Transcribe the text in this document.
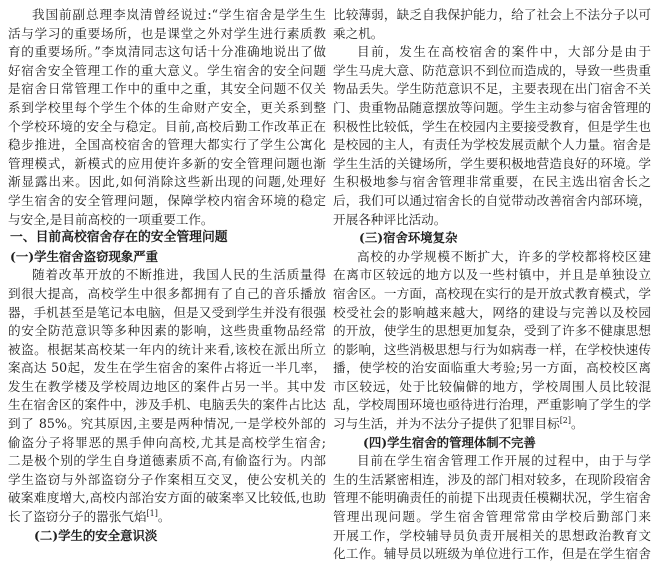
我国前副总理李岚清曾经说过:“学生宿舍是学生生
活与学习的重要场所，也是课堂之外对学生进行素质教
育的重要场所。”李岚清同志这句话十分准确地说出了做
好宿舍安全管理工作的重大意义。学生宿舍的安全问题
是宿舍日常管理工作中的重中之重，其安全问题不仅关
系到学校里每个学生个体的生命财产安全，更关系到整
个学校环境的安全与稳定。目前,高校后勤工作改革正在
稳步推进，全国高校宿舍的管理大都实行了学生公寓化
管理模式，新模式的应用使许多新的安全管理问题也渐
渐显露出来。因此,如何消除这些新出现的问题,处理好
学生宿舍的安全管理问题，保障学校内宿舍环境的稳定
与安全,是目前高校的一项重要工作。
一、目前高校宿舍存在的安全管理问题
(一)学生宿舍盗窃现象严重
随着改革开放的不断推进，我国人民的生活质量得
到很大提高，高校学生中很多都拥有了自己的音乐播放
器，手机甚至是笔记本电脑，但是又受到学生并没有很强
的安全防范意识等多种因素的影响，这些贵重物品经常
被盗。根据某高校某一年内的统计来看,该校在派出所立
案高达 50起，发生在学生宿舍的案件占将近一半几率，
发生在教学楼及学校周边地区的案件占另一半。其中发
生在宿舍区的案件中，涉及手机、电脑丢失的案件占比达
到了 85%。究其原因,主要是两种情况,一是学校外部的
偷盗分子将罪恶的黑手伸向高校,尤其是高校学生宿舍;
二是极个别的学生自身道德素质不高,有偷盗行为。内部
学生盗窃与外部盗窃分子作案相互交叉，使公安机关的
破案难度增大,高校内部治安方面的破案率又比较低,也助
长了盗窃分子的嚣张气焰[1]。
(二)学生的安全意识淡
比较薄弱，缺乏自我保护能力，给了社会上不法分子以可
乘之机。
目前，发生在高校宿舍的案件中，大部分是由于
学生马虎大意、防范意识不到位而造成的，导致一些贵重
物品丢失。学生防范意识不足，主要表现在出门宿舍不关
门、贵重物品随意摆放等问题。学生主动参与宿舍管理的
积极性比较低，学生在校园内主要接受教育，但是学生也
是校园的主人，有责任为学校发展贡献个人力量。宿舍是
学生生活的关键场所，学生要积极地营造良好的环境。学
生积极地参与宿舍管理非常重要，在民主选出宿舍长之
后，我们可以通过宿舍长的自觉带动改善宿舍内部环境，
开展各种评比活动。
(三)宿舍环境复杂
高校的办学规模不断扩大，许多的学校都将校区建
在离市区较远的地方以及一些村镇中，并且是单独设立
宿舍区。一方面，高校现在实行的是开放式教育模式，学
校受社会的影响越来越大，网络的建设与完善以及校园
的开放，使学生的思想更加复杂，受到了许多不健康思想
的影响，这些消极思想与行为如病毒一样，在学校快速传
播，使学校的治安面临重大考验;另一方面，高校校区离
市区较远，处于比较偏僻的地方，学校周围人员比较混
乱，学校周围环境也亟待进行治理，严重影响了学生的学
习与生活，并为不法分子提供了犯罪目标[2]。
(四)学生宿舍的管理体制不完善
目前在学生宿舍管理工作开展的过程中，由于与学
生的生活紧密相连，涉及的部门相对较多，在现阶段宿舍
管理不能明确责任的前提下出现责任模糊状况，学生宿舍
管理出现问题。学生宿舍管理常常由学校后勤部门来
开展工作，学校辅导员负责开展相关的思想政治教育文
化工作。辅导员以班级为单位进行工作，但是在学生宿舍
